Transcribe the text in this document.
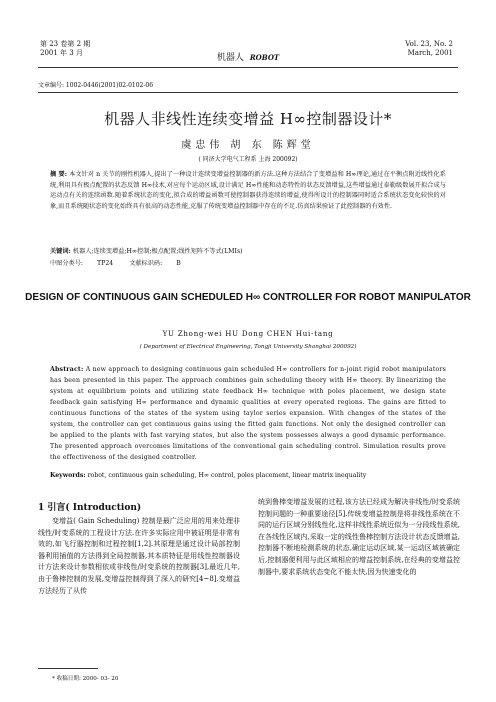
第 23 卷第 2 期
2001 年 3 月	机器人 ROBOT
Vol. 23, No. 2
March, 2001
文章编号: 1002-0446(2001)02-0102-06
机器人非线性连续变增益 H∞控制器设计*
虞忠伟 胡 东 陈辉堂
( 同济大学电气工程系 上海 200092)
摘 要: 本文针对 n 关节的刚性机器人,提出了一种设计连续变增益控制器的新方法.这种方法结合了变增益和 H∞理论,通过在平衡点附近线性化系统,利用具有极点配置的状态反馈 H∞技术,对应每个运动区域,设计满足 H∞性能和动态特性的状态反馈增益,这些增益通过泰勒级数展开拟合成与运动点有关的连续函数.随着系统状态的变化,拟合成的增益函数可使控制器获得连续的增益,使得所设计的控制器同时适合系统状态变化较快的对象,而且系统随状态的变化始终具有很高的动态性能,克服了传统变增益控制器中存在的不足.仿真结果验证了此控制器的有效性.
关键词: 机器人;连续变增益;H∞控制;极点配置;线性矩阵不等式(LMIs)
中图分类号: TP24	文献标识码: B
DESIGN OF CONTINUOUS GAIN SCHEDULED H∞ CONTROLLER FOR ROBOT MANIPULATOR
YU Zhong-wei HU Dong CHEN Hui-tang
( Department of Electrical Engineering, Tongji University Shanghai 200092)
Abstract: A new approach to designing continuous gain scheduled H∞ controllers for n-joint rigid robot manipulators has been presented in this paper. The approach combines gain scheduling theory with H∞ theory. By linearizing the system at equilibrium points and utilizing state feedback H∞ technique with poles placement, we design state feedback gain satisfying H∞ performance and dynamic qualities at every operated regions. The gains are fitted to continuous functions of the states of the system using taylor series expansion. With changes of the states of the system, the controller can get continuous gains using the fitted gain functions. Not only the designed controller can be applied to the plants with fast varying states, but also the system possesses always a good dynamic performance. The presented approach overcomes limitations of the conventional gain scheduling control. Simulation results prove the effectiveness of the designed controller.
Keywords: robot, continuous gain scheduling, H∞ control, poles placement, linear matrix inequality
1 引言( Introduction)
变增益( Gain Scheduling) 控制是最广泛应用的用来处理非线性/时变系统的工程设计方法.在许多实际应用中被证明是非常有效的,如飞行器控制和过程控制[1,2].其原理是通过设计局部控制器利用插值的方法得到全局控制器,其本质特征是用线性控制器设计方法来设计参数相依或非线性/时变系统的控制器[3],最近几年,由于鲁棒控制的发展,变增益控制得到了深入的研究[4~8].变增益方法经历了从传
统到鲁棒变增益发展的过程,该方法已经成为解决非线性/时变系统控制问题的一种重要途径[5].传统变增益控制是将非线性系统在不同的运行区域分别线性化,这样非线性系统近似为一分段线性系统,在各线性区域内,采取一定的线性鲁棒控制方法设计状态反馈增益,控制器不断地检测系统的状态,确定运动区域,某一运动区域被确定后,控制器便利用与此区域相应的增益控制系统,在经典的变增益控制器中,要求系统状态变化不能太快,因为快速变化的
* 收稿日期: 2000- 03- 20
